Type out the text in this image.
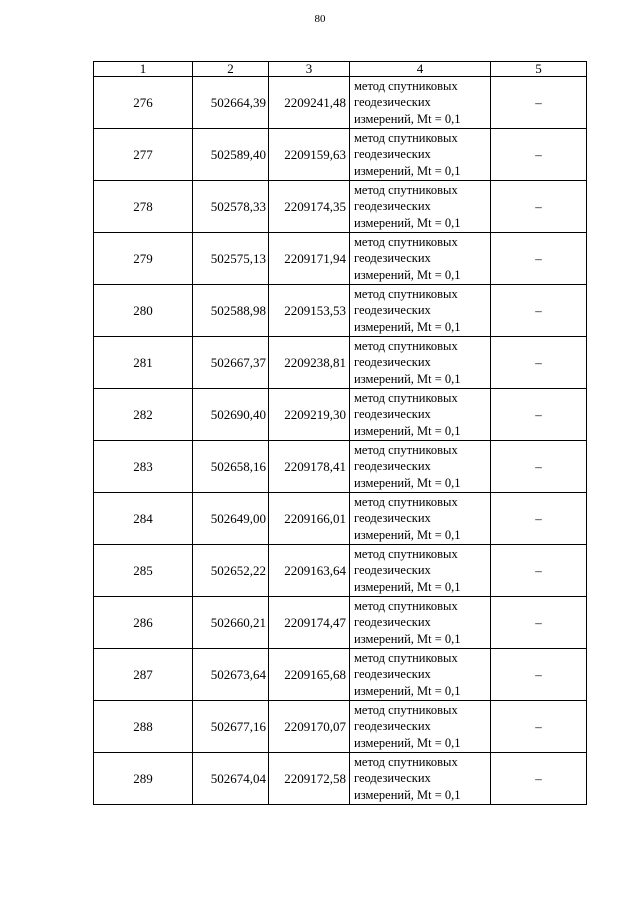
80
1	2	3	4	5
276	502664,39	2209241,48	метод спутниковых
геодезических
измерений, Mt = 0,1	–
277	502589,40	2209159,63	метод спутниковых
геодезических
измерений, Mt = 0,1	–
278	502578,33	2209174,35	метод спутниковых
геодезических
измерений, Mt = 0,1	–
279	502575,13	2209171,94	метод спутниковых
геодезических
измерений, Mt = 0,1	–
280	502588,98	2209153,53	метод спутниковых
геодезических
измерений, Mt = 0,1	–
281	502667,37	2209238,81	метод спутниковых
геодезических
измерений, Mt = 0,1	–
282	502690,40	2209219,30	метод спутниковых
геодезических
измерений, Mt = 0,1	–
283	502658,16	2209178,41	метод спутниковых
геодезических
измерений, Mt = 0,1	–
284	502649,00	2209166,01	метод спутниковых
геодезических
измерений, Mt = 0,1	–
285	502652,22	2209163,64	метод спутниковых
геодезических
измерений, Mt = 0,1	–
286	502660,21	2209174,47	метод спутниковых
геодезических
измерений, Mt = 0,1	–
287	502673,64	2209165,68	метод спутниковых
геодезических
измерений, Mt = 0,1	–
288	502677,16	2209170,07	метод спутниковых
геодезических
измерений, Mt = 0,1	–
289	502674,04	2209172,58	метод спутниковых
геодезических
измерений, Mt = 0,1	–
